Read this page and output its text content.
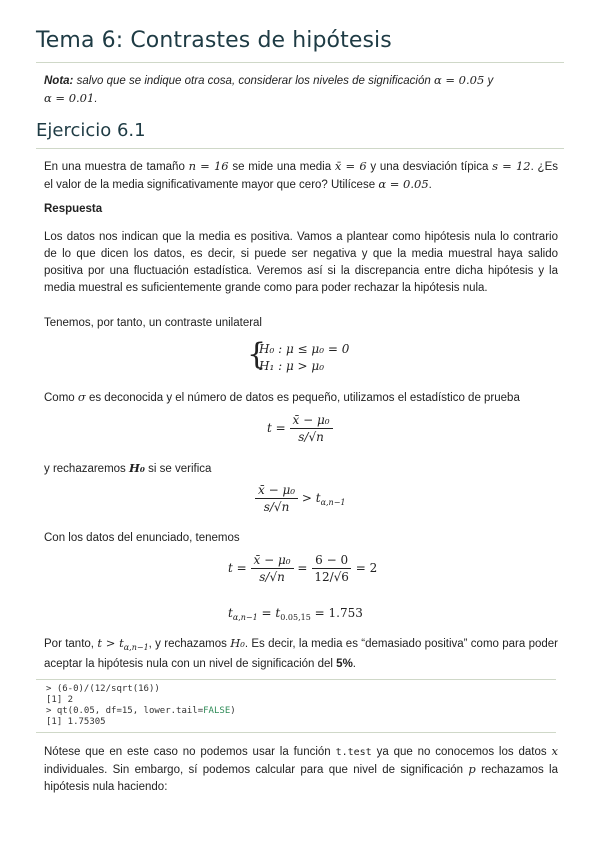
Tema 6: Contrastes de hipótesis
Nota: salvo que se indique otra cosa, considerar los niveles de significación α = 0.05 y
α = 0.01.
Ejercicio 6.1
En una muestra de tamaño n = 16 se mide una media x̄ = 6 y una desviación típica s = 12. ¿Es el valor de la media significativamente mayor que cero? Utilícese α = 0.05.
Respuesta
Los datos nos indican que la media es positiva. Vamos a plantear como hipótesis nula lo contrario de lo que dicen los datos, es decir, si puede ser negativa y que la media muestral haya salido positiva por una fluctuación estadística. Veremos así si la discrepancia entre dicha hipótesis y la media muestral es suficientemente grande como para poder rechazar la hipótesis nula.
Tenemos, por tanto, un contraste unilateral
{
H₀ : μ ≤ μ₀ = 0
H₁ : μ > μ₀
Como σ es deconocida y el número de datos es pequeño, utilizamos el estadístico de prueba
$t = \frac{\text{x̄ − μ₀}}{s/√n}$
y rechazaremos H₀ si se verifica
$\frac{\text{x̄ − μ₀}}{s/√n} > t_{\alpha,n-1}$
Con los datos del enunciado, tenemos
$t = \frac{\text{x̄ − μ₀}}{s/√n} = \frac{6 - 0}{12/√6} = 2$
$t_{\alpha,n-1} = t_{0.05,15} = 1.753$
Por tanto, $t > t_{\alpha,n-1}$, y rechazamos H₀. Es decir, la media es “demasiado positiva” como para poder aceptar la hipótesis nula con un nivel de significación del 5%.
> (6-0)/(12/sqrt(16))
[1] 2
> qt(0.05, df=15, lower.tail=FALSE)
[1] 1.75305
Nótese que en este caso no podemos usar la función t.test ya que no conocemos los datos x individuales. Sin embargo, sí podemos calcular para que nivel de significación p rechazamos la hipótesis nula haciendo:
